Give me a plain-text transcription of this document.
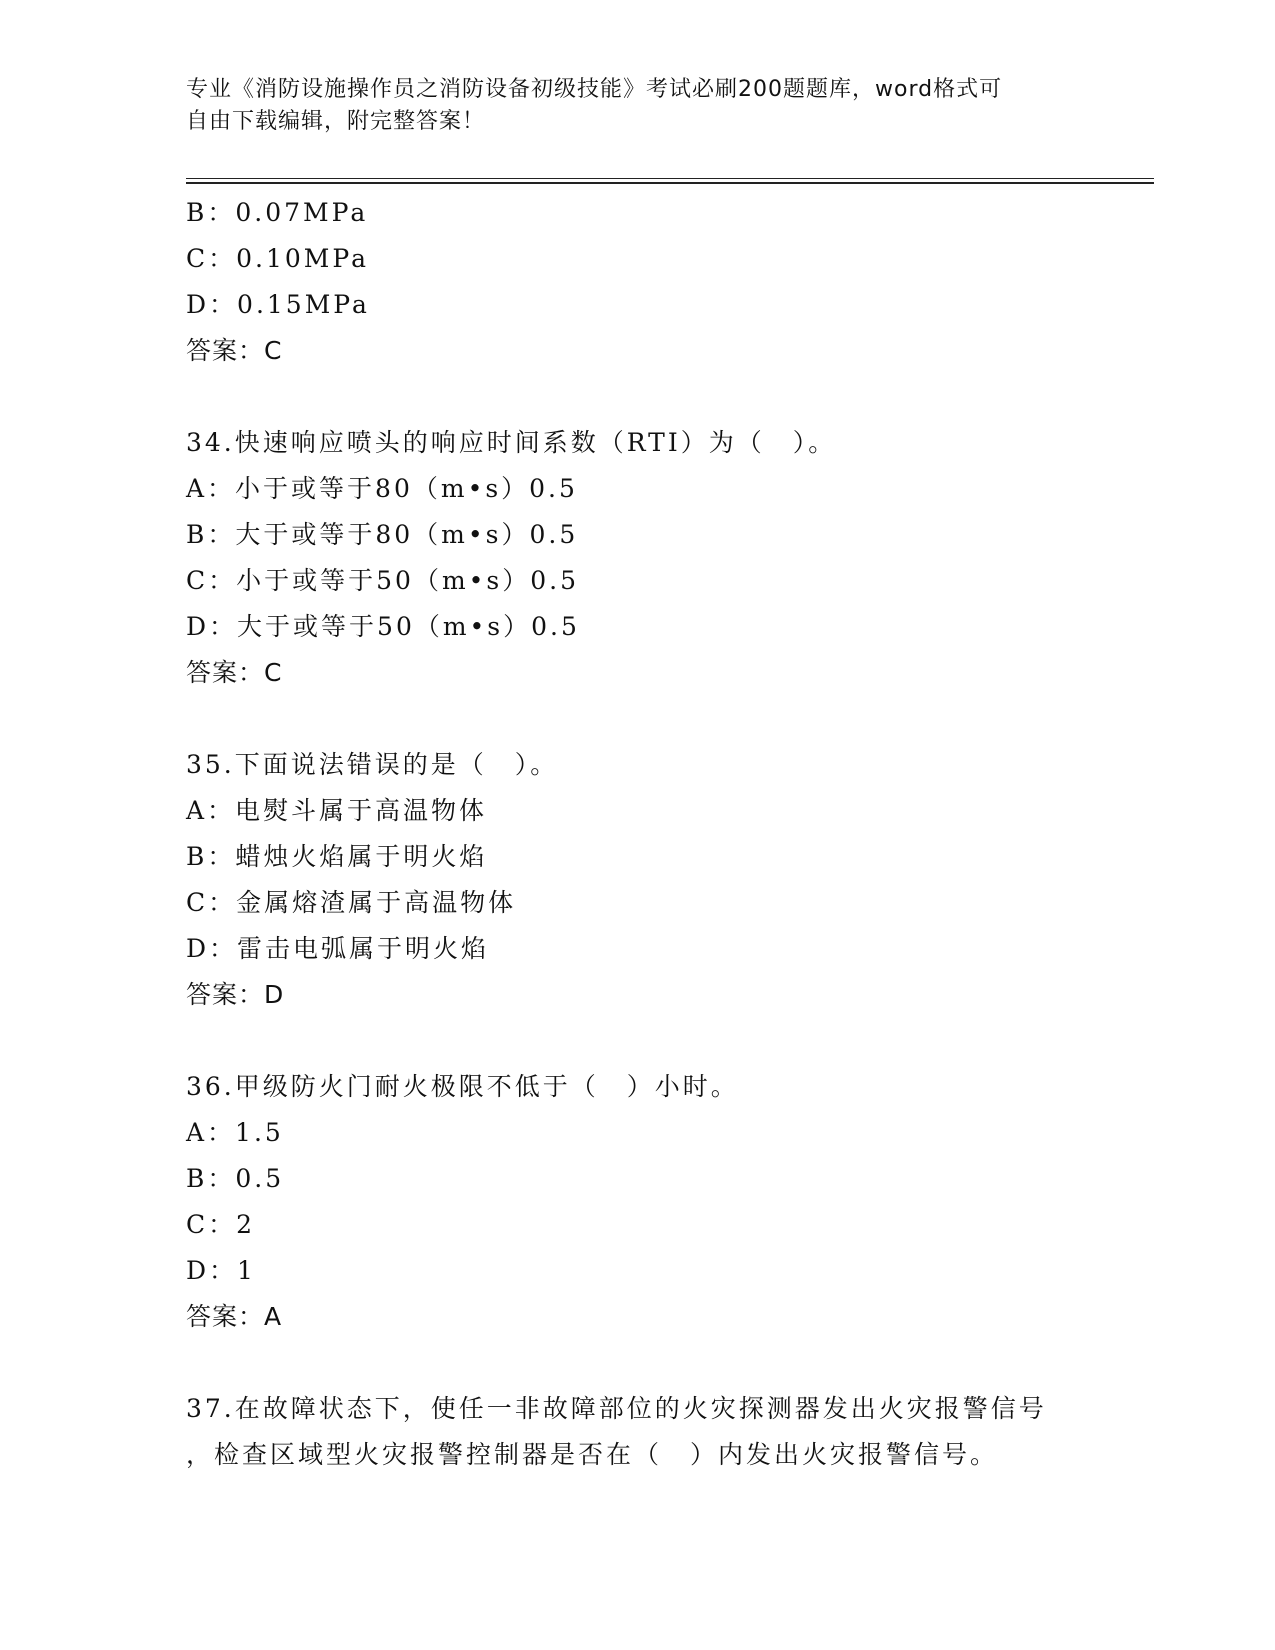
专业《消防设施操作员之消防设备初级技能》考试必刷200题题库，word格式可
自由下载编辑，附完整答案！
B：0.07MPa
C：0.10MPa
D：0.15MPa
答案：C
34.快速响应喷头的响应时间系数（RTI）为（　）。
A：小于或等于80（m•s）0.5
B：大于或等于80（m•s）0.5
C：小于或等于50（m•s）0.5
D：大于或等于50（m•s）0.5
答案：C
35.下面说法错误的是（　）。
A：电熨斗属于高温物体
B：蜡烛火焰属于明火焰
C：金属熔渣属于高温物体
D：雷击电弧属于明火焰
答案：D
36.甲级防火门耐火极限不低于（　）小时。
A：1.5
B：0.5
C：2
D：1
答案：A
37.在故障状态下，使任一非故障部位的火灾探测器发出火灾报警信号
，检查区域型火灾报警控制器是否在（　）内发出火灾报警信号。
